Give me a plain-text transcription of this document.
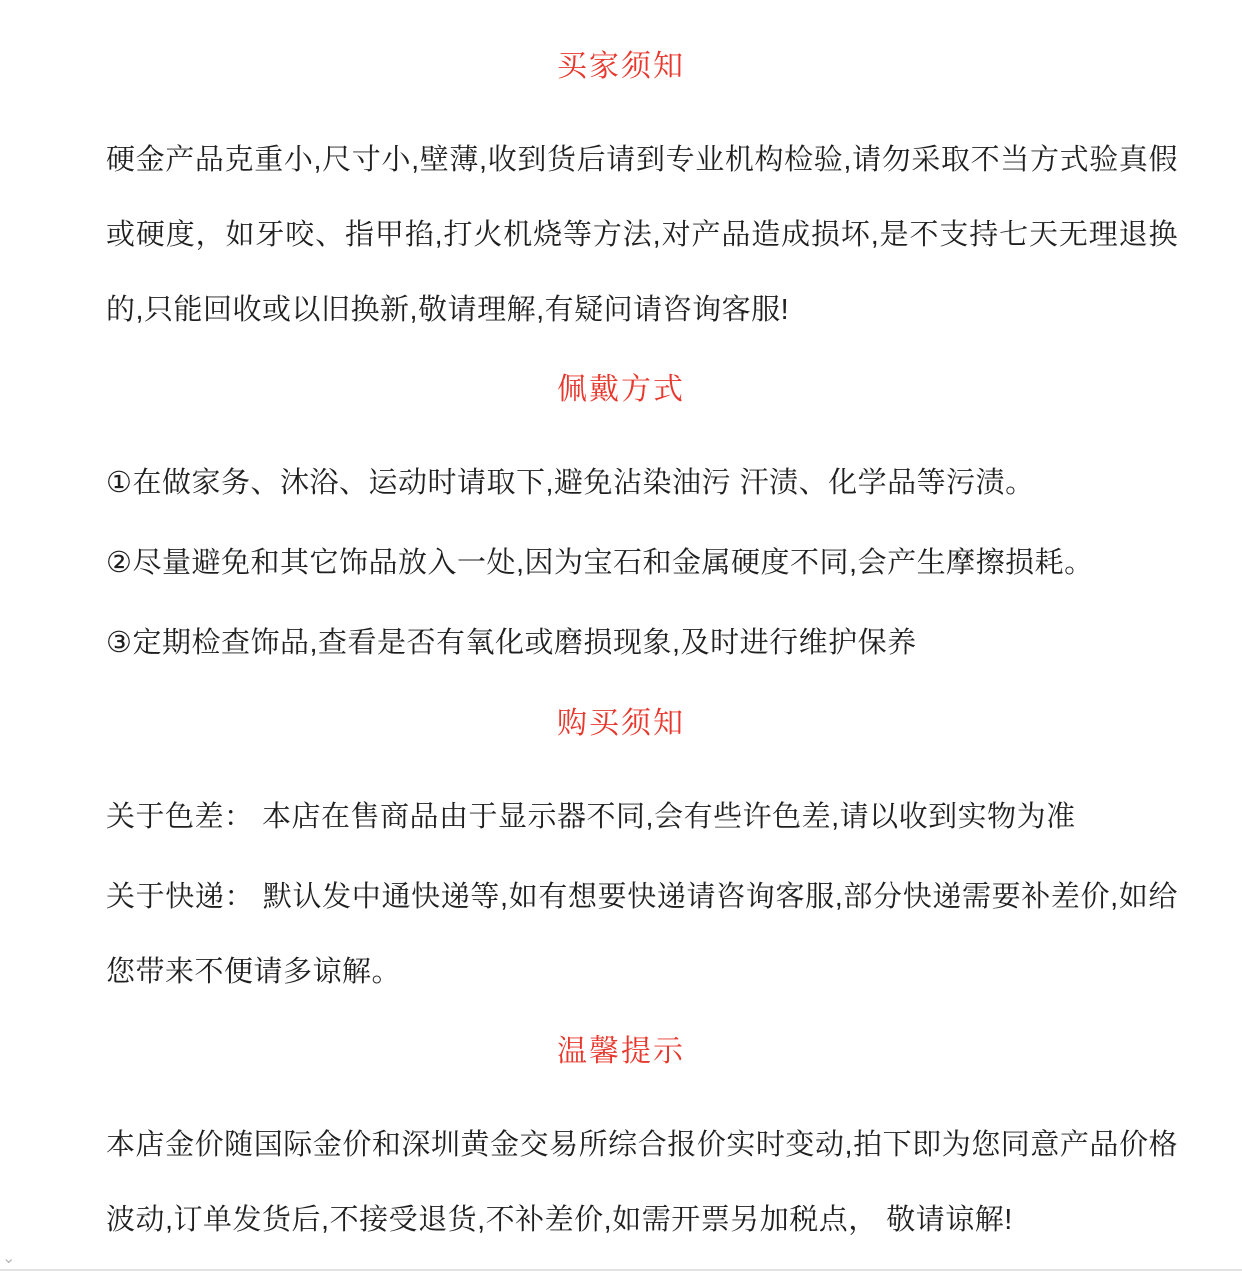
买家须知

硬金产品克重小,尺寸小,壁薄,收到货后请到专业机构检验,请勿采取不当方式验真假或硬度，如牙咬、指甲掐,打火机烧等方法,对产品造成损坏,是不支持七天无理退换的,只能回收或以旧换新,敬请理解,有疑问请咨询客服!

佩戴方式

①在做家务、沐浴、运动时请取下,避免沾染油污 汗渍、化学品等污渍。

②尽量避免和其它饰品放入一处,因为宝石和金属硬度不同,会产生摩擦损耗。

③定期检查饰品,查看是否有氧化或磨损现象,及时进行维护保养

购买须知

关于色差： 本店在售商品由于显示器不同,会有些许色差,请以收到实物为准

关于快递： 默认发中通快递等,如有想要快递请咨询客服,部分快递需要补差价,如给您带来不便请多谅解。

温馨提示

本店金价随国际金价和深圳黄金交易所综合报价实时变动,拍下即为您同意产品价格波动,订单发货后,不接受退货,不补差价,如需开票另加税点， 敬请谅解!

⌄
